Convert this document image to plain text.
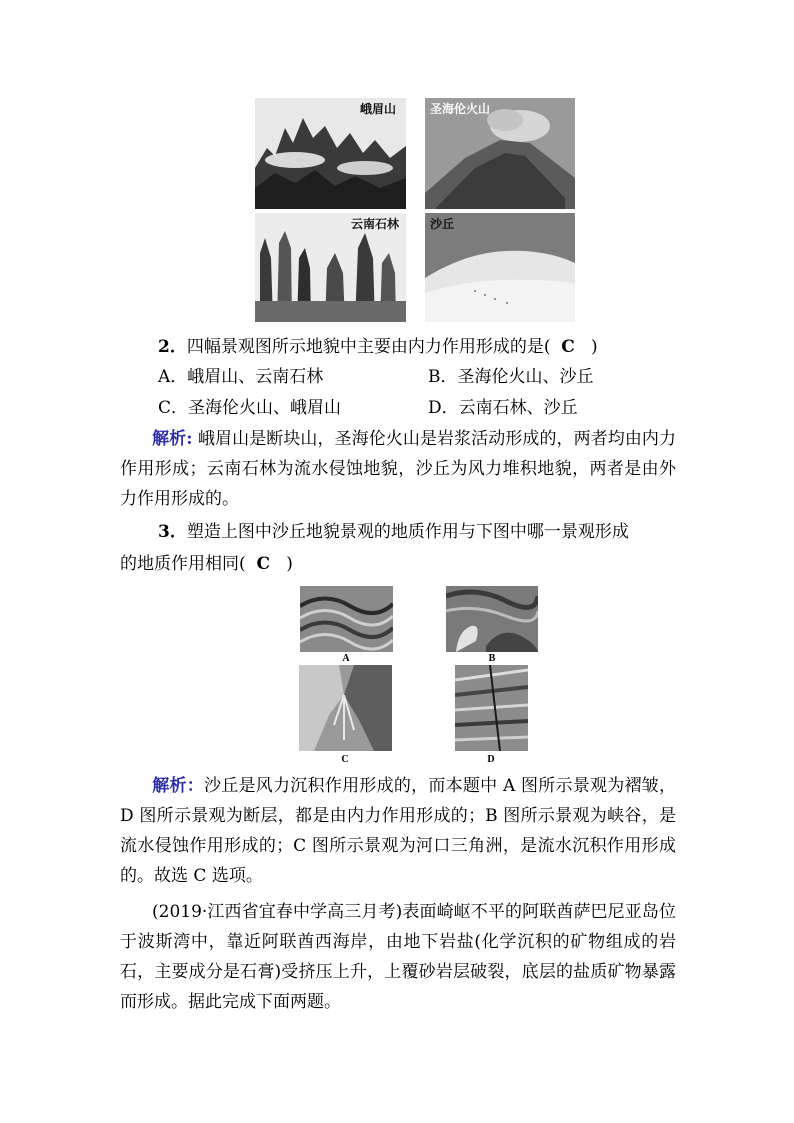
峨眉山	圣海伦火山
云南石林	沙丘
2．四幅景观图所示地貌中主要由内力作用形成的是( C )
A．峨眉山、云南石林	B．圣海伦火山、沙丘
C．圣海伦火山、峨眉山	D．云南石林、沙丘
解析: 峨眉山是断块山，圣海伦火山是岩浆活动形成的，两者均由内力作用形成；云南石林为流水侵蚀地貌，沙丘为风力堆积地貌，两者是由外力作用形成的。
3．塑造上图中沙丘地貌景观的地质作用与下图中哪一景观形成
的地质作用相同( C )
A	B
C	D
解析：沙丘是风力沉积作用形成的，而本题中 A 图所示景观为褶皱，D 图所示景观为断层，都是由内力作用形成的；B 图所示景观为峡谷，是流水侵蚀作用形成的；C 图所示景观为河口三角洲，是流水沉积作用形成的。故选 C 选项。
(2019·江西省宜春中学高三月考)表面崎岖不平的阿联酋萨巴尼亚岛位于波斯湾中，靠近阿联酋西海岸，由地下岩盐(化学沉积的矿物组成的岩石，主要成分是石膏)受挤压上升，上覆砂岩层破裂，底层的盐质矿物暴露而形成。据此完成下面两题。
